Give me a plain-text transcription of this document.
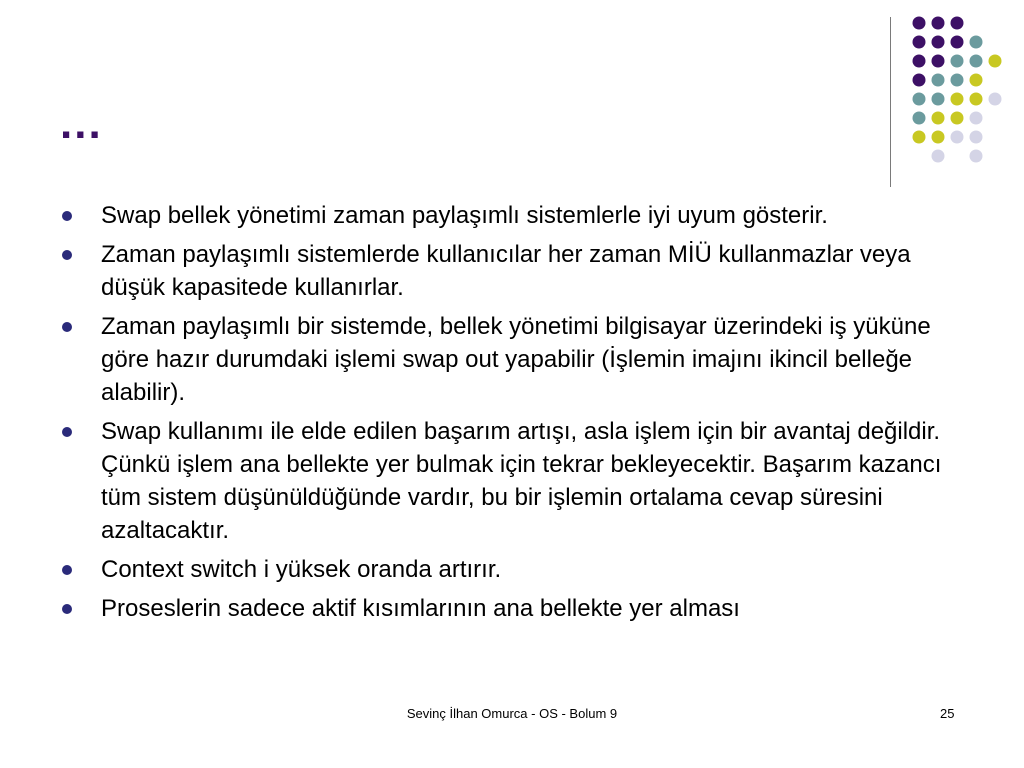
...
Swap bellek yönetimi zaman paylaşımlı sistemlerle iyi uyum gösterir.
Zaman paylaşımlı sistemlerde kullanıcılar her zaman MİÜ kullanmazlar veya düşük kapasitede kullanırlar.
Zaman paylaşımlı bir sistemde, bellek yönetimi bilgisayar üzerindeki iş yüküne göre hazır durumdaki işlemi swap out yapabilir (İşlemin imajını ikincil belleğe alabilir).
Swap kullanımı ile elde edilen başarım artışı, asla işlem için bir avantaj değildir. Çünkü işlem ana bellekte yer bulmak için tekrar bekleyecektir. Başarım kazancı tüm sistem düşünüldüğünde vardır, bu bir işlemin ortalama cevap süresini azaltacaktır.
Context switch i yüksek oranda artırır.
Proseslerin sadece aktif kısımlarının ana bellekte yer alması
Sevinç İlhan Omurca - OS - Bolum 9	25
